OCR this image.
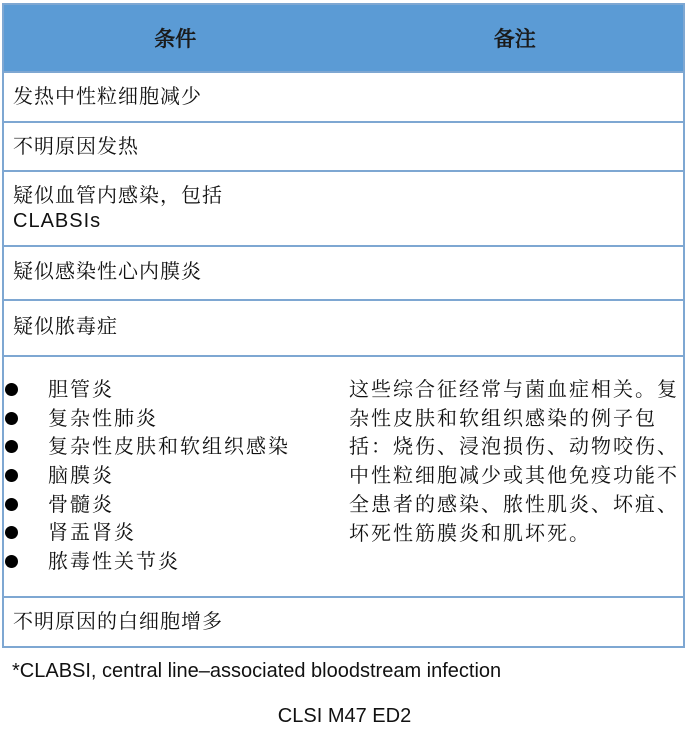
条件	备注
发热中性粒细胞减少
不明原因发热
疑似血管内感染，包括
CLABSIs
疑似感染性心内膜炎
疑似脓毒症
胆管炎
复杂性肺炎
复杂性皮肤和软组织感染
脑膜炎
骨髓炎
肾盂肾炎
脓毒性关节炎
这些综合征经常与菌血症相关。复杂性皮肤和软组织感染的例子包括：烧伤、浸泡损伤、动物咬伤、中性粒细胞减少或其他免疫功能不全患者的感染、脓性肌炎、坏疽、坏死性筋膜炎和肌坏死。
不明原因的白细胞增多
*CLABSI, central line–associated bloodstream infection
CLSI M47 ED2
